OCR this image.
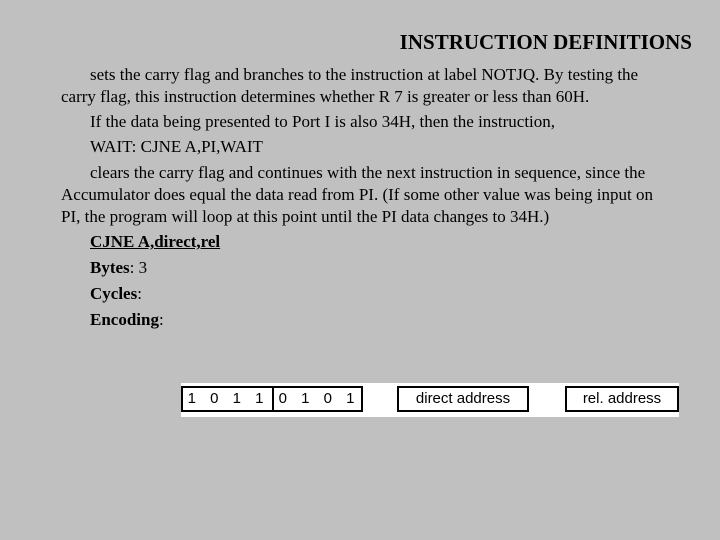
INSTRUCTION DEFINITIONS

sets the carry flag and branches to the instruction at label NOTJQ. By testing the carry flag, this instruction determines whether R 7 is greater or less than 60H.

If the data being presented to Port I is also 34H, then the instruction,

WAIT: CJNE A,PI,WAIT

clears the carry flag and continues with the next instruction in sequence, since the Accumulator does equal the data read from PI. (If some other value was being input on PI, the program will loop at this point until the PI data changes to 34H.)

CJNE A,direct,rel

Bytes: 3

Cycles:

Encoding:

1 0 1 1 0 1 0 1	direct address	rel. address
